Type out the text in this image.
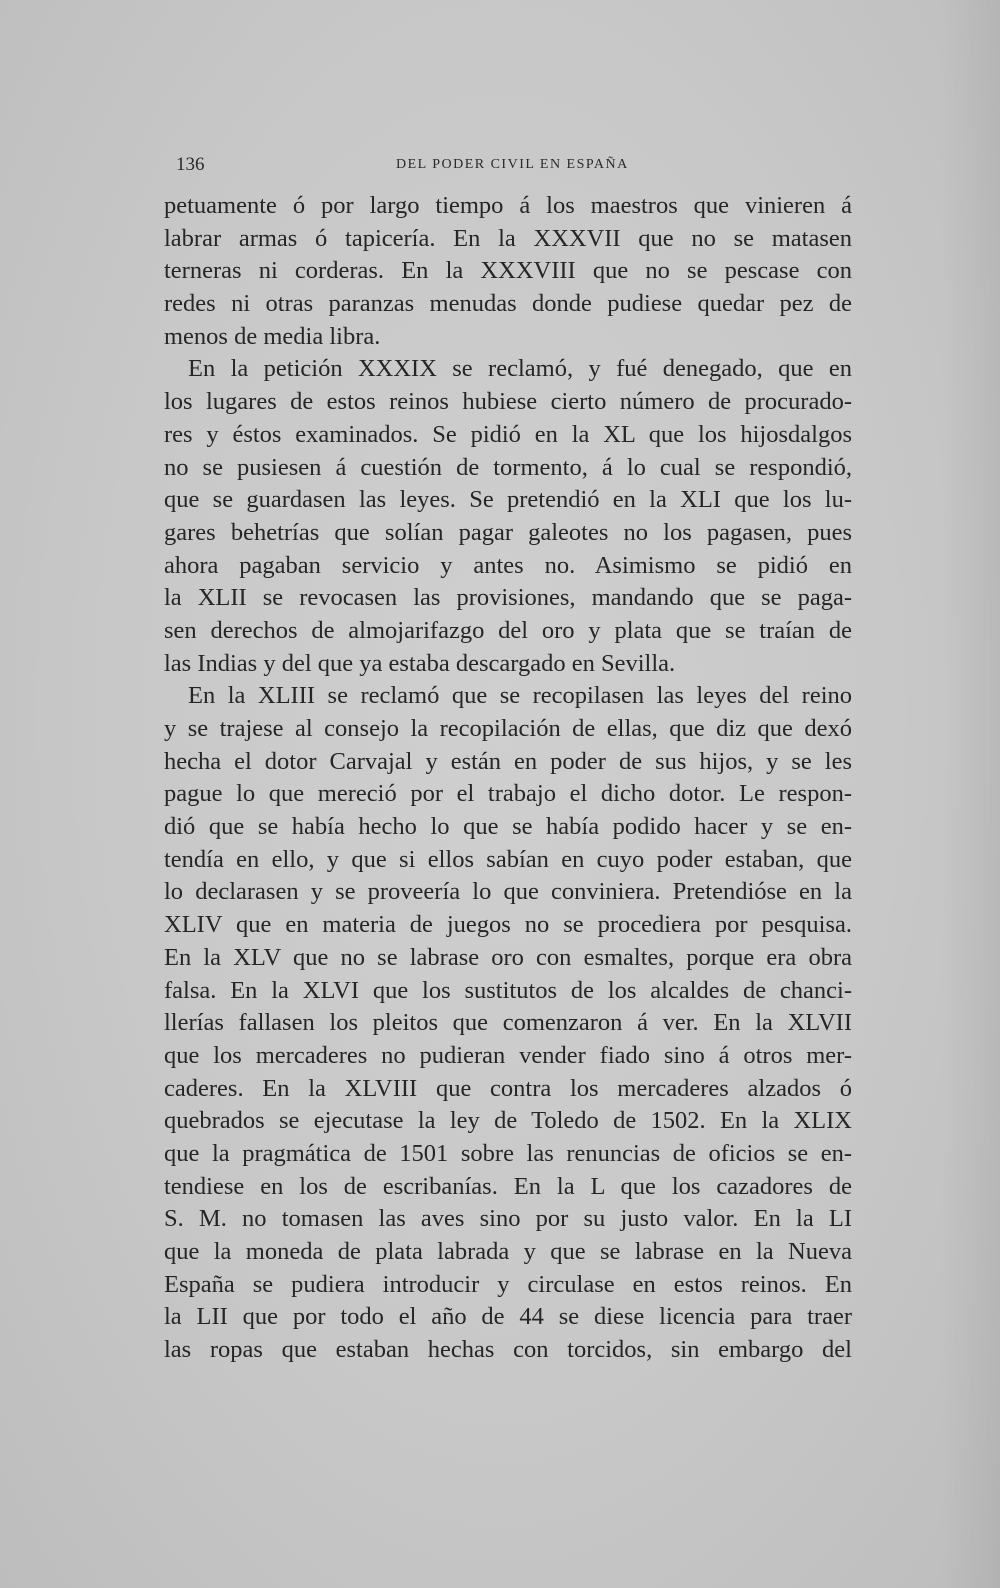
136	DEL PODER CIVIL EN ESPAÑA
petuamente ó por largo tiempo á los maestros que vinieren á
labrar armas ó tapicería. En la XXXVII que no se matasen
terneras ni corderas. En la XXXVIII que no se pescase con
redes ni otras paranzas menudas donde pudiese quedar pez de
menos de media libra.
En la petición XXXIX se reclamó, y fué denegado, que en
los lugares de estos reinos hubiese cierto número de procurado-
res y éstos examinados. Se pidió en la XL que los hijosdalgos
no se pusiesen á cuestión de tormento, á lo cual se respondió,
que se guardasen las leyes. Se pretendió en la XLI que los lu-
gares behetrías que solían pagar galeotes no los pagasen, pues
ahora pagaban servicio y antes no. Asimismo se pidió en
la XLII se revocasen las provisiones, mandando que se paga-
sen derechos de almojarifazgo del oro y plata que se traían de
las Indias y del que ya estaba descargado en Sevilla.
En la XLIII se reclamó que se recopilasen las leyes del reino
y se trajese al consejo la recopilación de ellas, que diz que dexó
hecha el dotor Carvajal y están en poder de sus hijos, y se les
pague lo que mereció por el trabajo el dicho dotor. Le respon-
dió que se había hecho lo que se había podido hacer y se en-
tendía en ello, y que si ellos sabían en cuyo poder estaban, que
lo declarasen y se proveería lo que conviniera. Pretendióse en la
XLIV que en materia de juegos no se procediera por pesquisa.
En la XLV que no se labrase oro con esmaltes, porque era obra
falsa. En la XLVI que los sustitutos de los alcaldes de chanci-
llerías fallasen los pleitos que comenzaron á ver. En la XLVII
que los mercaderes no pudieran vender fiado sino á otros mer-
caderes. En la XLVIII que contra los mercaderes alzados ó
quebrados se ejecutase la ley de Toledo de 1502. En la XLIX
que la pragmática de 1501 sobre las renuncias de oficios se en-
tendiese en los de escribanías. En la L que los cazadores de
S. M. no tomasen las aves sino por su justo valor. En la LI
que la moneda de plata labrada y que se labrase en la Nueva
España se pudiera introducir y circulase en estos reinos. En
la LII que por todo el año de 44 se diese licencia para traer
las ropas que estaban hechas con torcidos, sin embargo del
